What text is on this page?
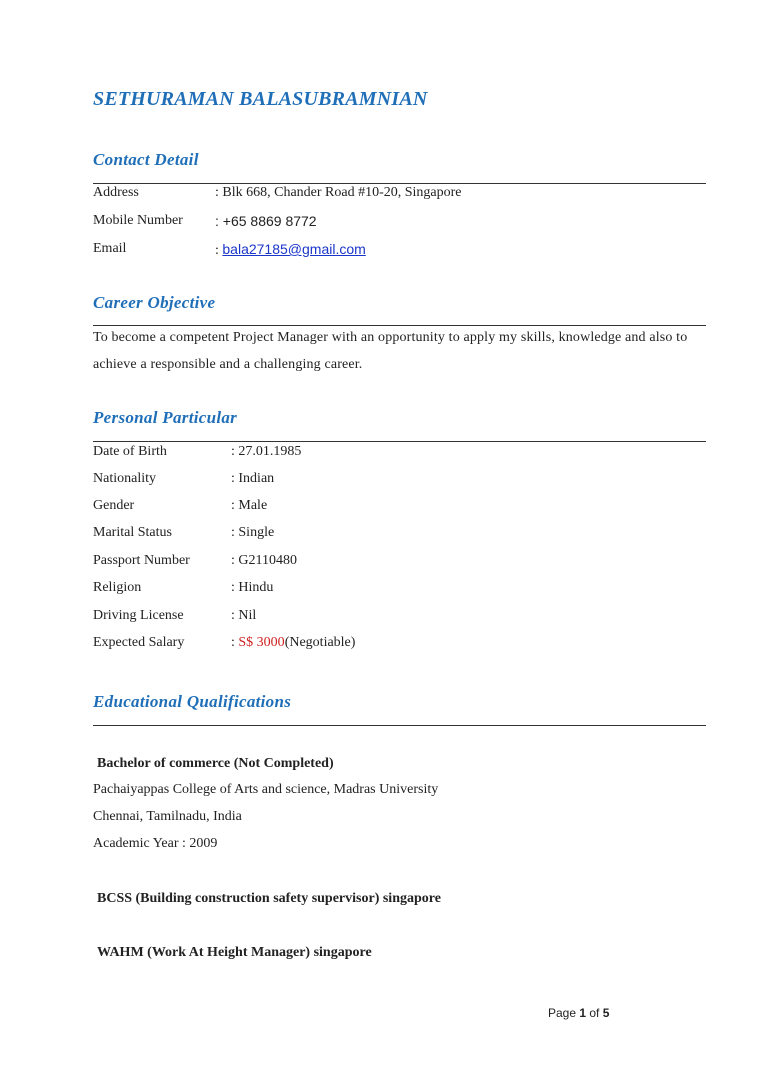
SETHURAMAN BALASUBRAMNIAN
Contact Detail
Address	: Blk 668, Chander Road #10-20, Singapore
Mobile Number : +65 8869 8772
Email	: bala27185@gmail.com
Career Objective
To become a competent Project Manager with an opportunity to apply my skills, knowledge and also to achieve a responsible and a challenging career.
Personal Particular
Date of Birth	: 27.01.1985
Nationality	: Indian
Gender	: Male
Marital Status	: Single
Passport Number	: G2110480
Religion	: Hindu
Driving License	: Nil
Expected Salary	: S$ 3000(Negotiable)
Educational Qualifications
Bachelor of commerce (Not Completed)
Pachaiyappas College of Arts and science, Madras University
Chennai, Tamilnadu, India
Academic Year : 2009
BCSS (Building construction safety supervisor) singapore
WAHM (Work At Height Manager) singapore
Page 1 of 5
